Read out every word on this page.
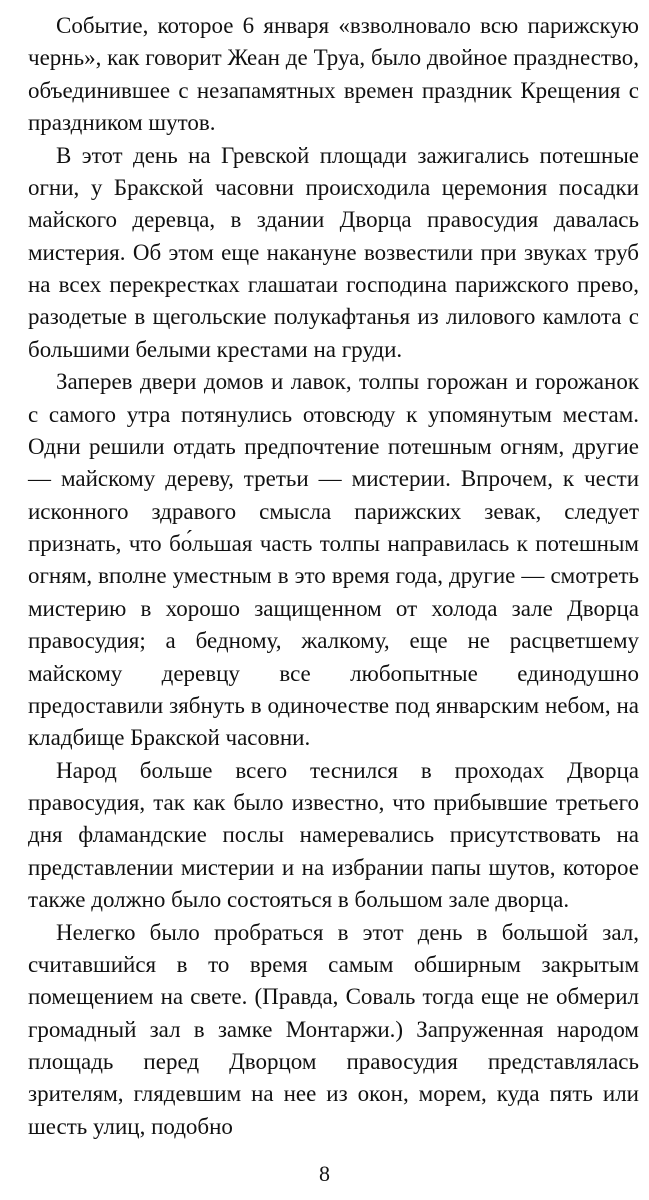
Событие, которое 6 января «взволновало всю парижскую чернь», как говорит Жеан де Труа, было двойное празднество, объединившее с незапамятных времен праздник Крещения с праздником шутов.

В этот день на Гревской площади зажигались потешные огни, у Бракской часовни происходила церемония посадки майского деревца, в здании Дворца правосудия давалась мистерия. Об этом еще накануне возвестили при звуках труб на всех перекрестках глашатаи господина парижского прево, разодетые в щегольские полукафтанья из лилового камлота с большими белыми крестами на груди.

Заперев двери домов и лавок, толпы горожан и горожанок с самого утра потянулись отовсюду к упомянутым местам. Одни решили отдать предпочтение потешным огням, другие — майскому дереву, третьи — мистерии. Впрочем, к чести исконного здравого смысла парижских зевак, следует признать, что бо́льшая часть толпы направилась к потешным огням, вполне уместным в это время года, другие — смотреть мистерию в хорошо защищенном от холода зале Дворца правосудия; а бедному, жалкому, еще не расцветшему майскому деревцу все любопытные единодушно предоставили зябнуть в одиночестве под январским небом, на кладбище Бракской часовни.

Народ больше всего теснился в проходах Дворца правосудия, так как было известно, что прибывшие третьего дня фламандские послы намеревались присутствовать на представлении мистерии и на избрании папы шутов, которое также должно было состояться в большом зале дворца.

Нелегко было пробраться в этот день в большой зал, считавшийся в то время самым обширным закрытым помещением на свете. (Правда, Соваль тогда еще не обмерил громадный зал в замке Монтаржи.) Запруженная народом площадь перед Дворцом правосудия представлялась зрителям, глядевшим на нее из окон, морем, куда пять или шесть улиц, подобно

8
